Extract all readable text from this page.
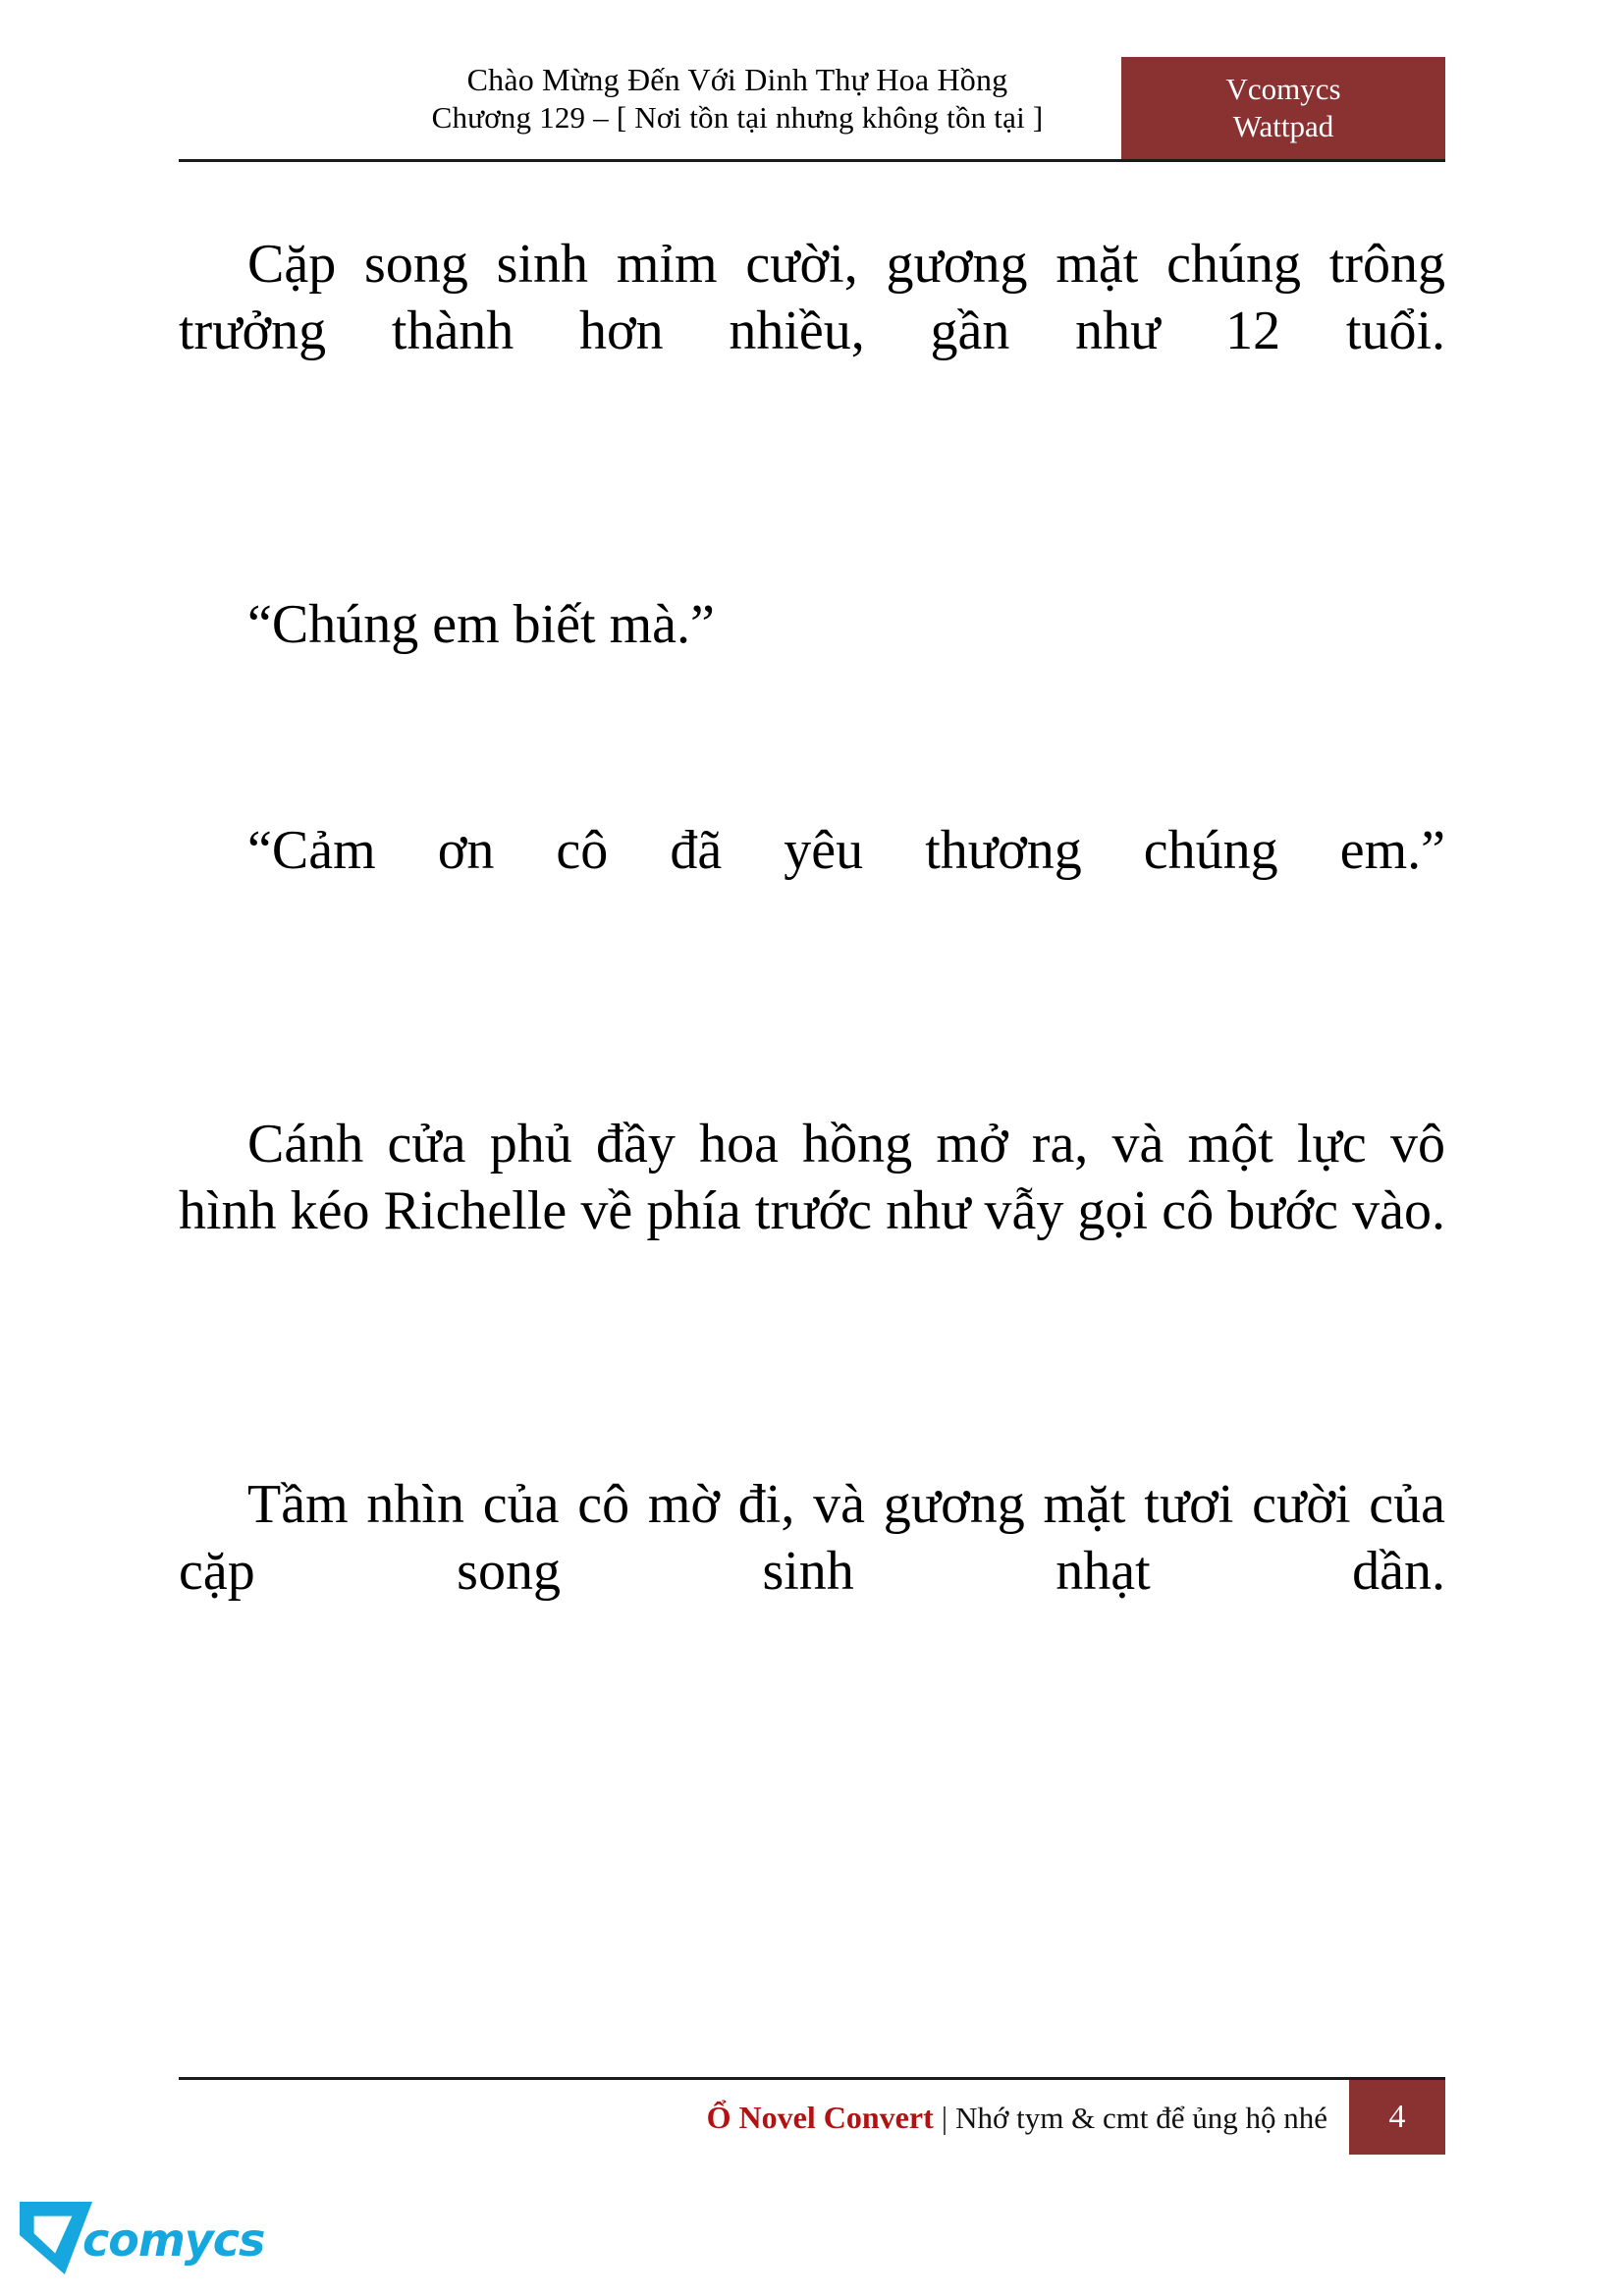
Chào Mừng Đến Với Dinh Thự Hoa Hồng
Chương 129 – [ Nơi tồn tại nhưng không tồn tại ]
Vcomycs
Wattpad

Cặp song sinh mỉm cười, gương mặt chúng trông trưởng thành hơn nhiều, gần như 12 tuổi.

“Chúng em biết mà.”

“Cảm ơn cô đã yêu thương chúng em.”

Cánh cửa phủ đầy hoa hồng mở ra, và một lực vô hình kéo Richelle về phía trước như vẫy gọi cô bước vào.

Tầm nhìn của cô mờ đi, và gương mặt tươi cười của cặp song sinh nhạt dần.

Ổ Novel Convert | Nhớ tym & cmt để ủng hộ nhé	4
comycs
